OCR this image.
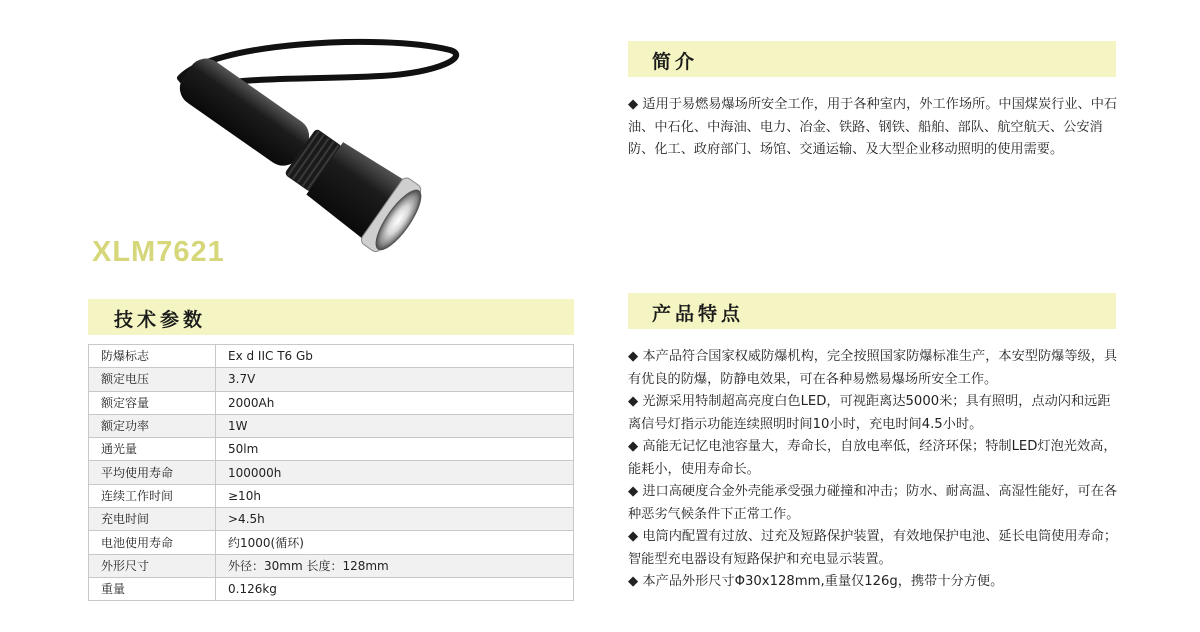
XLM7621
简介

◆ 适用于易燃易爆场所安全工作，用于各种室内，外工作场所。中国煤炭行业、中石油、中石化、中海油、电力、冶金、铁路、钢铁、船舶、部队、航空航天、公安消防、化工、政府部门、场馆、交通运输、及大型企业移动照明的使用需要。

技术参数
防爆标志	Ex d IIC T6 Gb
额定电压	3.7V
额定容量	2000Ah
额定功率	1W
通光量	50lm
平均使用寿命	100000h
连续工作时间	≥10h
充电时间	>4.5h
电池使用寿命	约1000(循环)
外形尺寸	外径：30mm 长度：128mm
重量	0.126kg
产品特点

◆ 本产品符合国家权威防爆机构，完全按照国家防爆标准生产，本安型防爆等级，具有优良的防爆，防静电效果，可在各种易燃易爆场所安全工作。

◆ 光源采用特制超高亮度白色LED，可视距离达5000米；具有照明，点动闪和远距离信号灯指示功能连续照明时间10小时，充电时间4.5小时。

◆ 高能无记忆电池容量大，寿命长，自放电率低，经济环保；特制LED灯泡光效高，能耗小，使用寿命长。

◆ 进口高硬度合金外壳能承受强力碰撞和冲击；防水、耐高温、高湿性能好，可在各种恶劣气候条件下正常工作。

◆ 电筒内配置有过放、过充及短路保护装置，有效地保护电池、延长电筒使用寿命；智能型充电器设有短路保护和充电显示装置。

◆ 本产品外形尺寸Φ30x128mm,重量仅126g，携带十分方便。
